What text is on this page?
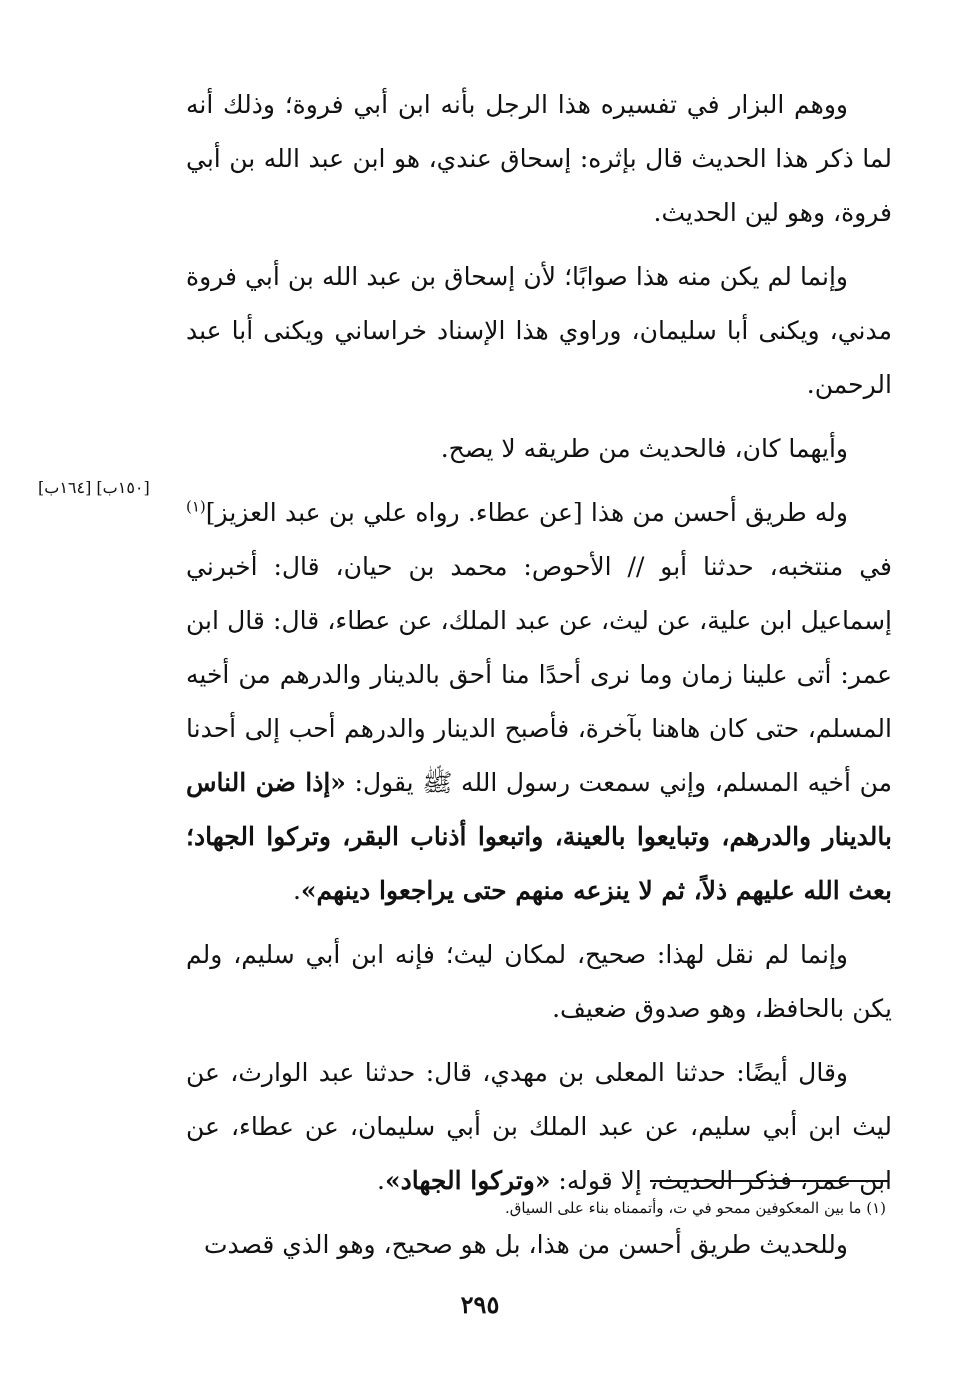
ووهم البزار في تفسيره هذا الرجل بأنه ابن أبي فروة؛ وذلك أنه لما ذكر هذا الحديث قال بإثره: إسحاق عندي، هو ابن عبد الله بن أبي فروة، وهو لين الحديث.

وإنما لم يكن منه هذا صوابًا؛ لأن إسحاق بن عبد الله بن أبي فروة مدني، ويكنى أبا سليمان، وراوي هذا الإسناد خراساني ويكنى أبا عبد الرحمن.

وأيهما كان، فالحديث من طريقه لا يصح.

وله طريق أحسن من هذا [عن عطاء. رواه علي بن عبد العزيز]$^{(١)}$ في منتخبه، حدثنا أبو // الأحوص: محمد بن حيان، قال: أخبرني إسماعيل ابن علية، عن ليث، عن عبد الملك، عن عطاء، قال: قال ابن عمر: أتى علينا زمان وما نرى أحدًا منا أحق بالدينار والدرهم من أخيه المسلم، حتى كان هاهنا بآخرة، فأصبح الدينار والدرهم أحب إلى أحدنا من أخيه المسلم، وإني سمعت رسول الله ﷺ يقول: «إذا ضن الناس بالدينار والدرهم، وتبايعوا بالعينة، واتبعوا أذناب البقر، وتركوا الجهاد؛ بعث الله عليهم ذلاً، ثم لا ينزعه منهم حتى يراجعوا دينهم».

وإنما لم نقل لهذا: صحيح، لمكان ليث؛ فإنه ابن أبي سليم، ولم يكن بالحافظ، وهو صدوق ضعيف.

وقال أيضًا: حدثنا المعلى بن مهدي، قال: حدثنا عبد الوارث، عن ليث ابن أبي سليم، عن عبد الملك بن أبي سليمان، عن عطاء، عن ابن عمر، فذكر الحديث، إلا قوله: «وتركوا الجهاد».

وللحديث طريق أحسن من هذا، بل هو صحيح، وهو الذي قصدت

[١٥٠ب] [١٦٤ب]
(١) ما بين المعكوفين ممحو في ت، وأتممناه بناء على السياق.
٢٩٥
